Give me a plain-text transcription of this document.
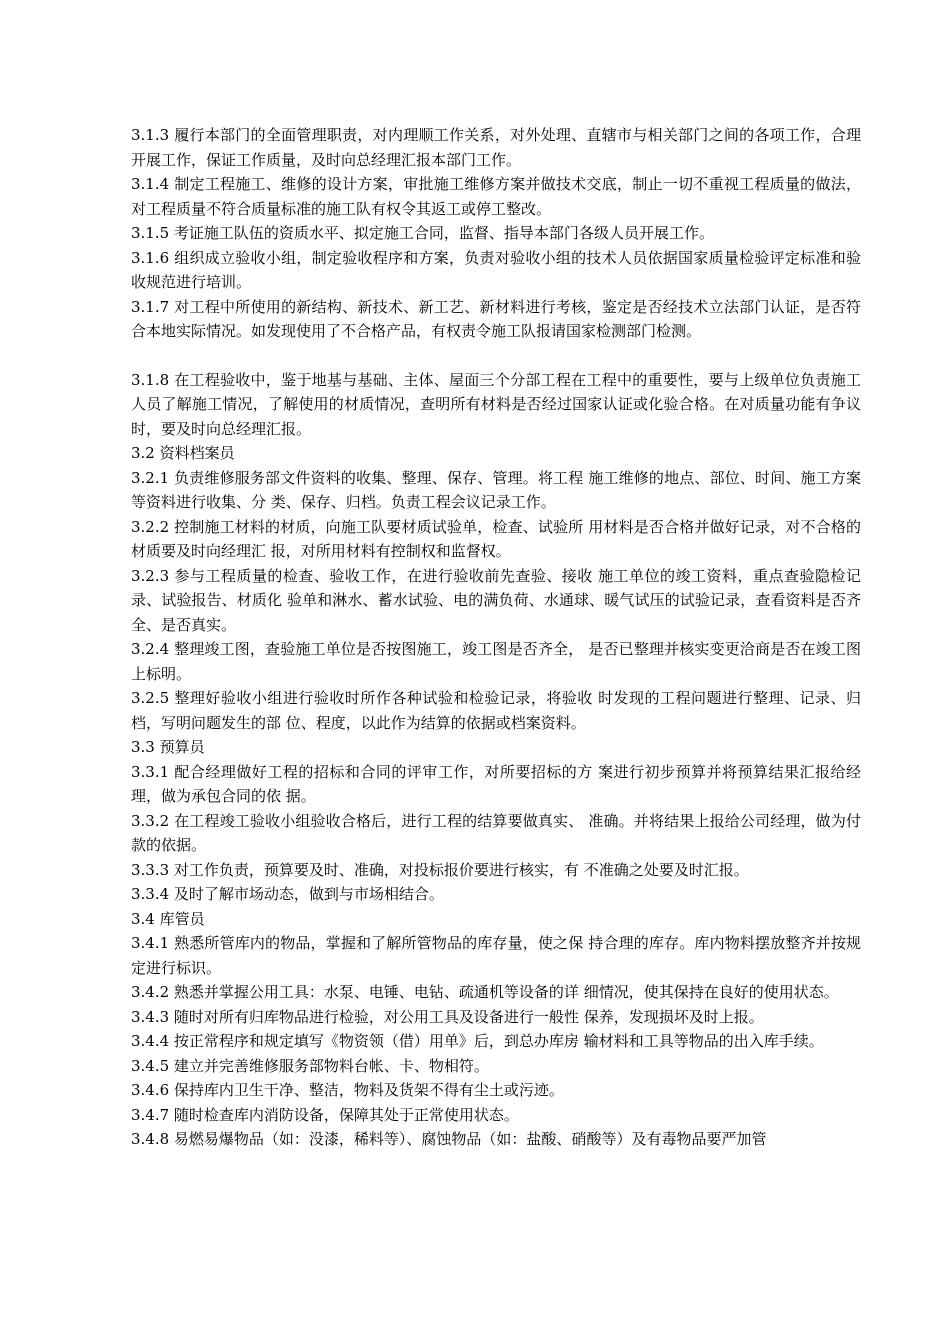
3.1.3 履行本部门的全面管理职责，对内理顺工作关系，对外处理、直辖市与相关部门之间的各项工作，合理开展工作，保证工作质量，及时向总经理汇报本部门工作。

3.1.4 制定工程施工、维修的设计方案，审批施工维修方案并做技术交底，制止一切不重视工程质量的做法，对工程质量不符合质量标准的施工队有权令其返工或停工整改。

3.1.5 考证施工队伍的资质水平、拟定施工合同，监督、指导本部门各级人员开展工作。

3.1.6 组织成立验收小组，制定验收程序和方案，负责对验收小组的技术人员依据国家质量检验评定标准和验收规范进行培训。

3.1.7 对工程中所使用的新结构、新技术、新工艺、新材料进行考核，鉴定是否经技术立法部门认证，是否符合本地实际情况。如发现使用了不合格产品，有权责令施工队报请国家检测部门检测。

3.1.8 在工程验收中，鉴于地基与基础、主体、屋面三个分部工程在工程中的重要性，要与上级单位负责施工人员了解施工情况，了解使用的材质情况，查明所有材料是否经过国家认证或化验合格。在对质量功能有争议时，要及时向总经理汇报。

3.2 资料档案员

3.2.1 负责维修服务部文件资料的收集、整理、保存、管理。将工程 施工维修的地点、部位、时间、施工方案等资料进行收集、分 类、保存、归档。负责工程会议记录工作。

3.2.2 控制施工材料的材质，向施工队要材质试验单，检查、试验所 用材料是否合格并做好记录，对不合格的材质要及时向经理汇 报，对所用材料有控制权和监督权。

3.2.3 参与工程质量的检查、验收工作，在进行验收前先查验、接收 施工单位的竣工资料，重点查验隐检记录、试验报告、材质化 验单和淋水、蓄水试验、电的满负荷、水通球、暖气试压的试验记录，查看资料是否齐全、是否真实。

3.2.4 整理竣工图，查验施工单位是否按图施工，竣工图是否齐全， 是否已整理并核实变更洽商是否在竣工图上标明。

3.2.5 整理好验收小组进行验收时所作各种试验和检验记录，将验收 时发现的工程问题进行整理、记录、归档，写明问题发生的部 位、程度，以此作为结算的依据或档案资料。

3.3 预算员

3.3.1 配合经理做好工程的招标和合同的评审工作，对所要招标的方 案进行初步预算并将预算结果汇报给经理，做为承包合同的依 据。

3.3.2 在工程竣工验收小组验收合格后，进行工程的结算要做真实、 准确。并将结果上报给公司经理，做为付款的依据。

3.3.3 对工作负责，预算要及时、准确，对投标报价要进行核实，有 不准确之处要及时汇报。

3.3.4 及时了解市场动态，做到与市场相结合。

3.4 库管员

3.4.1 熟悉所管库内的物品，掌握和了解所管物品的库存量，使之保 持合理的库存。库内物料摆放整齐并按规定进行标识。

3.4.2 熟悉并掌握公用工具：水泵、电锤、电钻、疏通机等设备的详 细情况，使其保持在良好的使用状态。

3.4.3 随时对所有归库物品进行检验，对公用工具及设备进行一般性 保养，发现损坏及时上报。

3.4.4 按正常程序和规定填写《物资领（借）用单》后，到总办库房 输材料和工具等物品的出入库手续。

3.4.5 建立并完善维修服务部物料台帐、卡、物相符。

3.4.6 保持库内卫生干净、整洁，物料及货架不得有尘土或污迹。

3.4.7 随时检查库内消防设备，保障其处于正常使用状态。

3.4.8 易燃易爆物品（如：没漆，稀料等）、腐蚀物品（如：盐酸、硝酸等）及有毒物品要严加管
